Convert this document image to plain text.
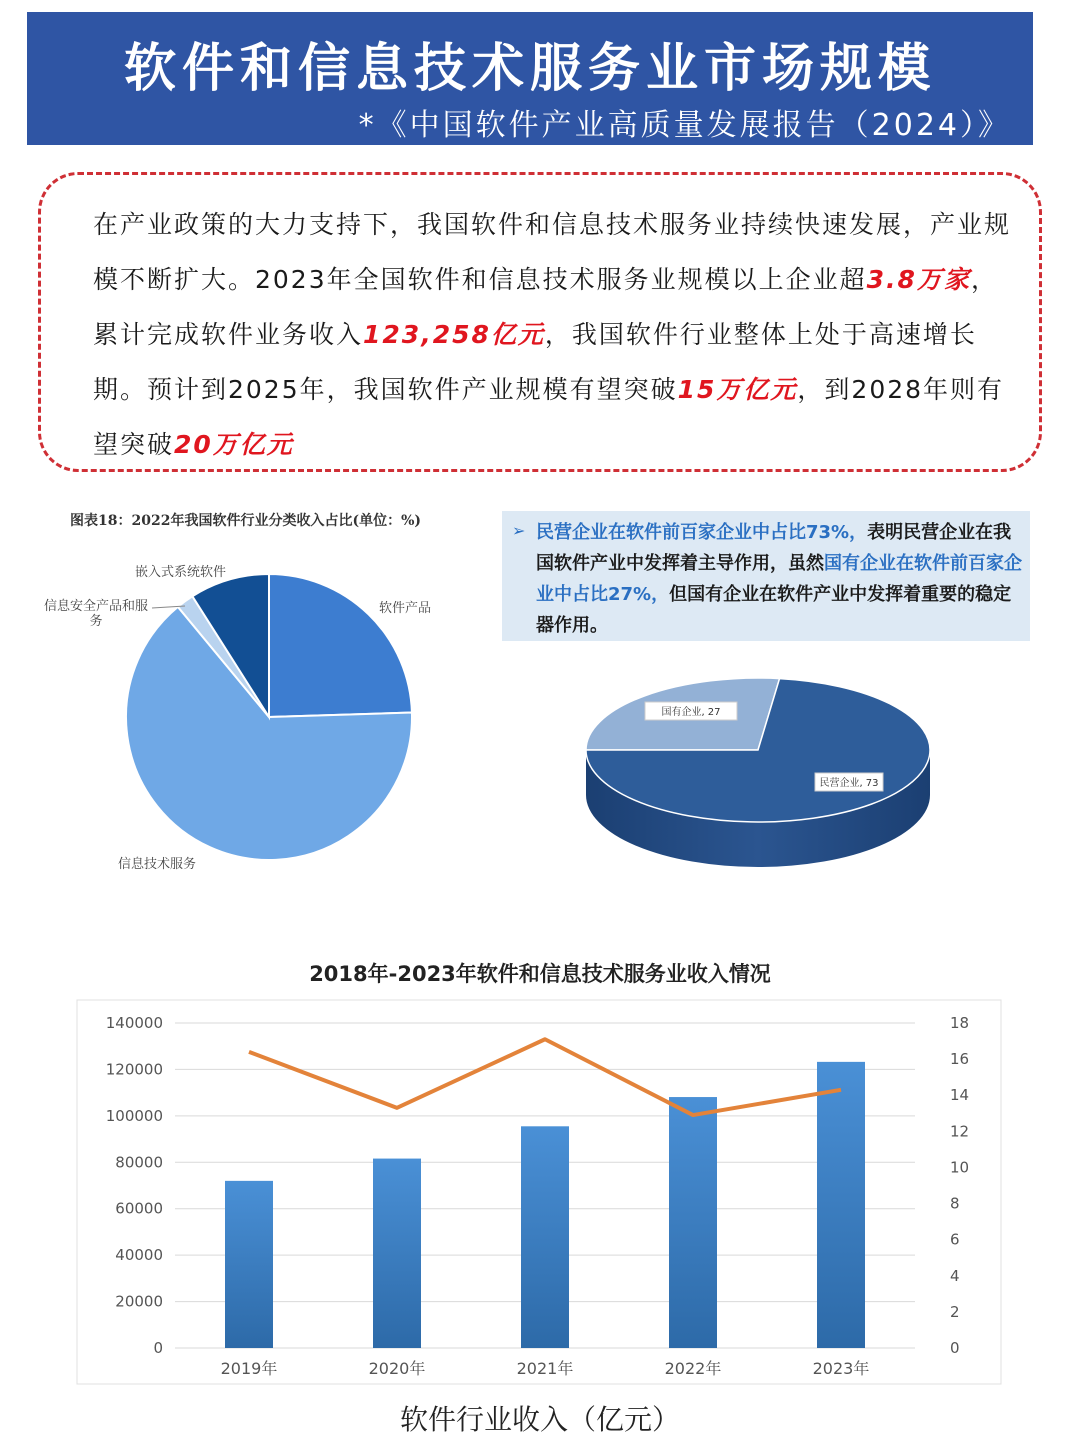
软件和信息技术服务业市场规模
*《中国软件产业高质量发展报告（2024）》
在产业政策的大力支持下，我国软件和信息技术服务业持续快速发展，产业规模不断扩大。2023年全国软件和信息技术服务业规模以上企业超3.8万家，累计完成软件业务收入123,258亿元，我国软件行业整体上处于高速增长期。预计到2025年，我国软件产业规模有望突破15万亿元，到2028年则有望突破20万亿元
图表18：2022年我国软件行业分类收入占比(单位：%)
软件产品
信息技术服务
信息安全产品和服务
嵌入式系统软件
➢ 民营企业在软件前百家企业中占比73%，表明民营企业在我国软件产业中发挥着主导作用，虽然国有企业在软件前百家企业中占比27%，但国有企业在软件产业中发挥着重要的稳定器作用。
国有企业, 27
民营企业, 73
2018年-2023年软件和信息技术服务业收入情况
140000
120000
100000
80000
60000
40000
20000
0
18
16
14
12
10
8
6
4
2
0
2019年	2020年	2021年	2022年	2023年
软件行业收入（亿元）
